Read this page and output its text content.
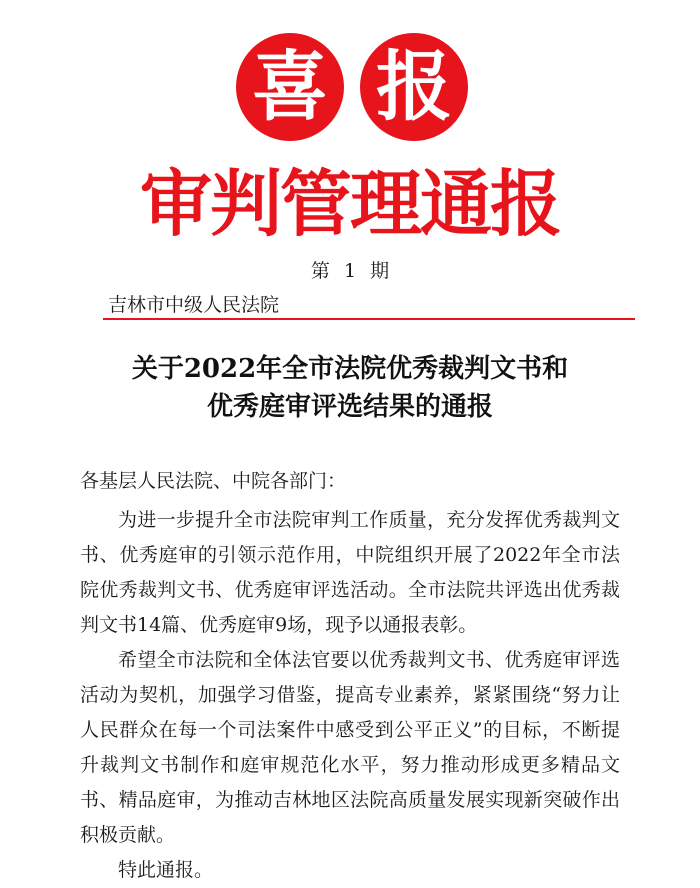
喜 报
审判管理通报
第 1 期
吉林市中级人民法院
关于2022年全市法院优秀裁判文书和
优秀庭审评选结果的通报
各基层人民法院、中院各部门：

为进一步提升全市法院审判工作质量，充分发挥优秀裁判文书、优秀庭审的引领示范作用，中院组织开展了2022年全市法院优秀裁判文书、优秀庭审评选活动。全市法院共评选出优秀裁判文书14篇、优秀庭审9场，现予以通报表彰。

希望全市法院和全体法官要以优秀裁判文书、优秀庭审评选活动为契机，加强学习借鉴，提高专业素养，紧紧围绕“努力让人民群众在每一个司法案件中感受到公平正义”的目标，不断提升裁判文书制作和庭审规范化水平，努力推动形成更多精品文书、精品庭审，为推动吉林地区法院高质量发展实现新突破作出积极贡献。

特此通报。
